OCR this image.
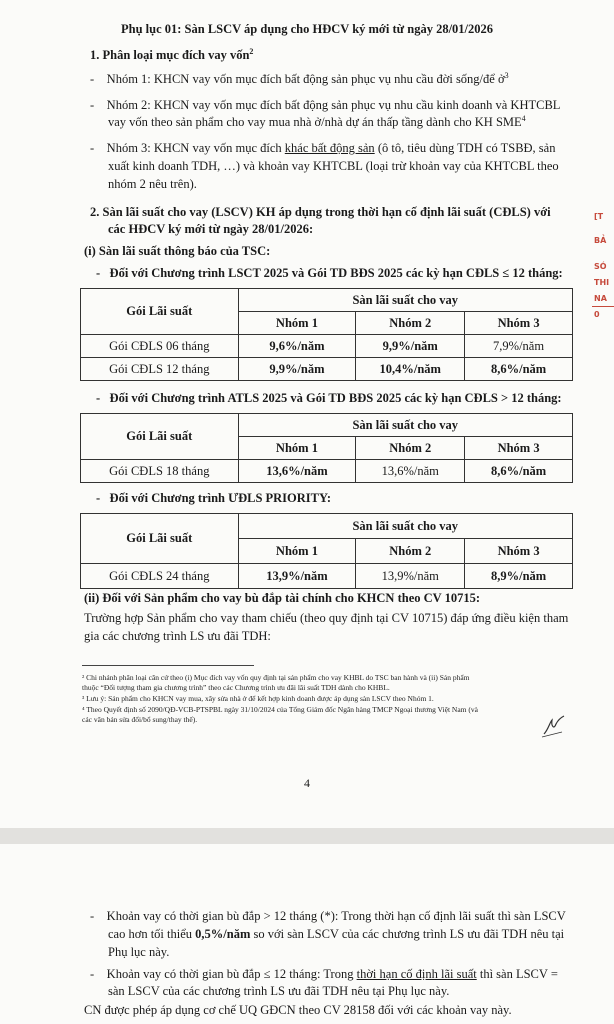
Phụ lục 01: Sàn LSCV áp dụng cho HĐCV ký mới từ ngày 28/01/2026
1. Phân loại mục đích vay vốn$^2$
- Nhóm 1: KHCN vay vốn mục đích bất động sản phục vụ nhu cầu đời sống/để ở$^3$
- Nhóm 2: KHCN vay vốn mục đích bất động sản phục vụ nhu cầu kinh doanh và KHTCBL
vay vốn theo sản phẩm cho vay mua nhà ở/nhà dự án thấp tầng dành cho KH SME$^4$
- Nhóm 3: KHCN vay vốn mục đích khác bất động sản (ô tô, tiêu dùng TDH có TSBĐ, sản
xuất kinh doanh TDH, …) và khoản vay KHTCBL (loại trừ khoản vay của KHTCBL theo
nhóm 2 nêu trên).
2. Sàn lãi suất cho vay (LSCV) KH áp dụng trong thời hạn cố định lãi suất (CĐLS) với
các HĐCV ký mới từ ngày 28/01/2026:
(i) Sàn lãi suất thông báo của TSC:
-   Đối với Chương trình LSCT 2025 và Gói TD BĐS 2025 các kỳ hạn CĐLS ≤ 12 tháng:
Gói Lãi suất	Sàn lãi suất cho vay		
	Nhóm 1	Nhóm 2	Nhóm 3
Gói CĐLS 06 tháng	9,6%/năm	9,9%/năm	7,9%/năm
Gói CĐLS 12 tháng	9,9%/năm	10,4%/năm	8,6%/năm
-   Đối với Chương trình ATLS 2025 và Gói TD BĐS 2025 các kỳ hạn CĐLS > 12 tháng:
Gói Lãi suất	Sàn lãi suất cho vay		
	Nhóm 1	Nhóm 2	Nhóm 3
Gói CĐLS 18 tháng	13,6%/năm	13,6%/năm	8,6%/năm
-   Đối với Chương trình ƯĐLS PRIORITY:
Gói Lãi suất	Sàn lãi suất cho vay		
	Nhóm 1	Nhóm 2	Nhóm 3
Gói CĐLS 24 tháng	13,9%/năm	13,9%/năm	8,9%/năm
(ii) Đối với Sản phẩm cho vay bù đắp tài chính cho KHCN theo CV 10715:
Trường hợp Sản phẩm cho vay tham chiếu (theo quy định tại CV 10715) đáp ứng điều kiện tham
gia các chương trình LS ưu đãi TDH:
² Chi nhánh phân loại căn cứ theo (i) Mục đích vay vốn quy định tại sản phẩm cho vay KHBL do TSC ban hành và (ii) Sản phẩm
thuộc “Đối tượng tham gia chương trình” theo các Chương trình ưu đãi lãi suất TDH dành cho KHBL.
³ Lưu ý: Sản phẩm cho KHCN vay mua, xây sửa nhà ở để kết hợp kinh doanh được áp dụng sàn LSCV theo Nhóm 1.
⁴ Theo Quyết định số 2090/QĐ-VCB-PTSPBL ngày 31/10/2024 của Tổng Giám đốc Ngân hàng TMCP Ngoại thương Việt Nam (và
các văn bản sửa đổi/bổ sung/thay thế).
[T
BẢ
SÓ
THI
NA
0
4
-    Khoản vay có thời gian bù đắp > 12 tháng (*): Trong thời hạn cố định lãi suất thì sàn LSCV
cao hơn tối thiểu 0,5%/năm so với sàn LSCV của các chương trình LS ưu đãi TDH nêu tại
Phụ lục này.
-    Khoản vay có thời gian bù đắp ≤ 12 tháng: Trong thời hạn cố định lãi suất thì sàn LSCV =
sàn LSCV của các chương trình LS ưu đãi TDH nêu tại Phụ lục này.
CN được phép áp dụng cơ chế UQ GĐCN theo CV 28158 đối với các khoản vay này.
